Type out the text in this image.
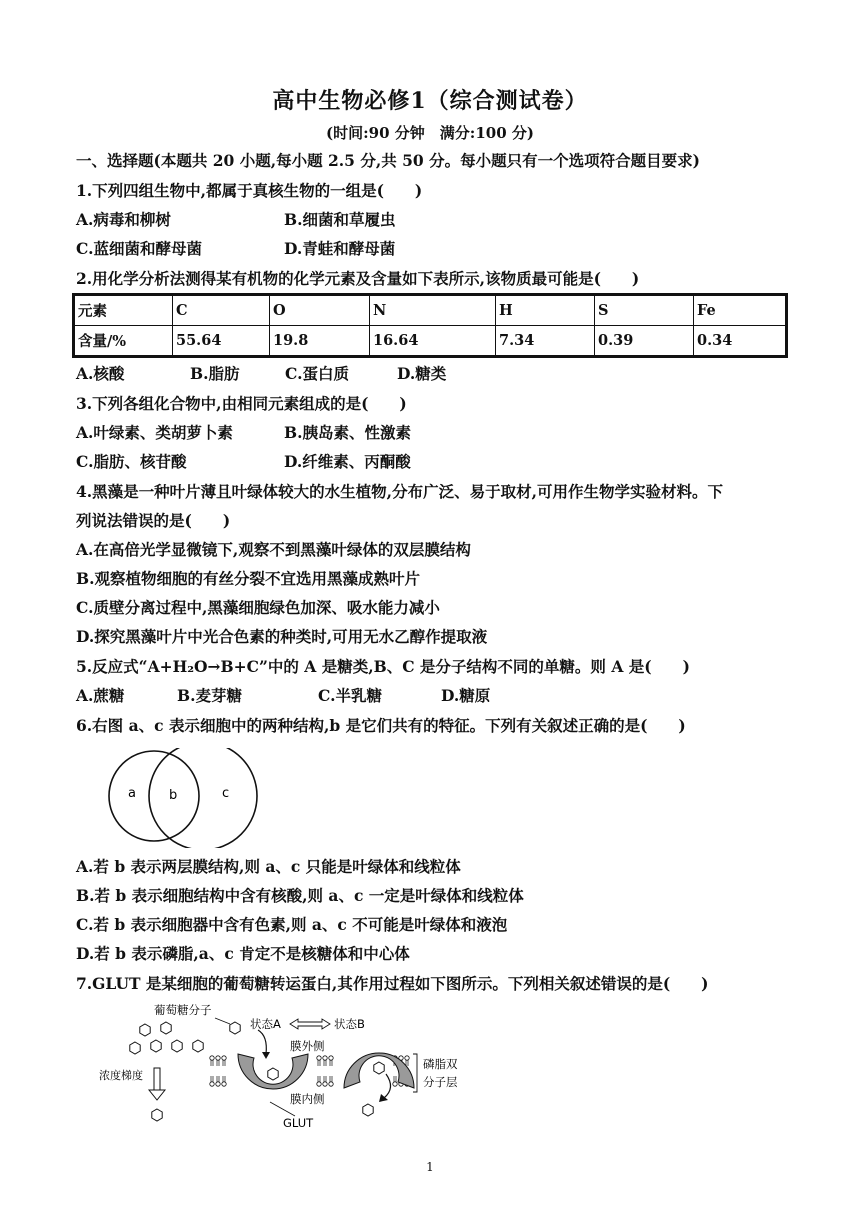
高中生物必修1（综合测试卷）
(时间:90 分钟　满分:100 分)
一、选择题(本题共 20 小题,每小题 2.5 分,共 50 分。每小题只有一个选项符合题目要求)
1.下列四组生物中,都属于真核生物的一组是(　　)
A.病毒和柳树	B.细菌和草履虫
C.蓝细菌和酵母菌	D.青蛙和酵母菌
2.用化学分析法测得某有机物的化学元素及含量如下表所示,该物质最可能是(　　)
元素	C	O	N	H	S	Fe
含量/%	55.64	19.8	16.64	7.34	0.39	0.34
A.核酸	B.脂肪	C.蛋白质	D.糖类
3.下列各组化合物中,由相同元素组成的是(　　)
A.叶绿素、类胡萝卜素	B.胰岛素、性激素
C.脂肪、核苷酸	D.纤维素、丙酮酸
4.黑藻是一种叶片薄且叶绿体较大的水生植物,分布广泛、易于取材,可用作生物学实验材料。下
列说法错误的是(　　)
A.在高倍光学显微镜下,观察不到黑藻叶绿体的双层膜结构
B.观察植物细胞的有丝分裂不宜选用黑藻成熟叶片
C.质壁分离过程中,黑藻细胞绿色加深、吸水能力减小
D.探究黑藻叶片中光合色素的种类时,可用无水乙醇作提取液
5.反应式“A+H₂O→B+C”中的 A 是糖类,B、C 是分子结构不同的单糖。则 A 是(　　)
A.蔗糖	B.麦芽糖	C.半乳糖	D.糖原
6.右图 a、c 表示细胞中的两种结构,b 是它们共有的特征。下列有关叙述正确的是(　　)
a	b	c
A.若 b 表示两层膜结构,则 a、c 只能是叶绿体和线粒体
B.若 b 表示细胞结构中含有核酸,则 a、c 一定是叶绿体和线粒体
C.若 b 表示细胞器中含有色素,则 a、c 不可能是叶绿体和液泡
D.若 b 表示磷脂,a、c 肯定不是核糖体和中心体
7.GLUT 是某细胞的葡萄糖转运蛋白,其作用过程如下图所示。下列相关叙述错误的是(　　)
葡萄糖分子
浓度梯度
状态A	状态B
膜外侧
膜内侧
GLUT
磷脂双
分子层
1
